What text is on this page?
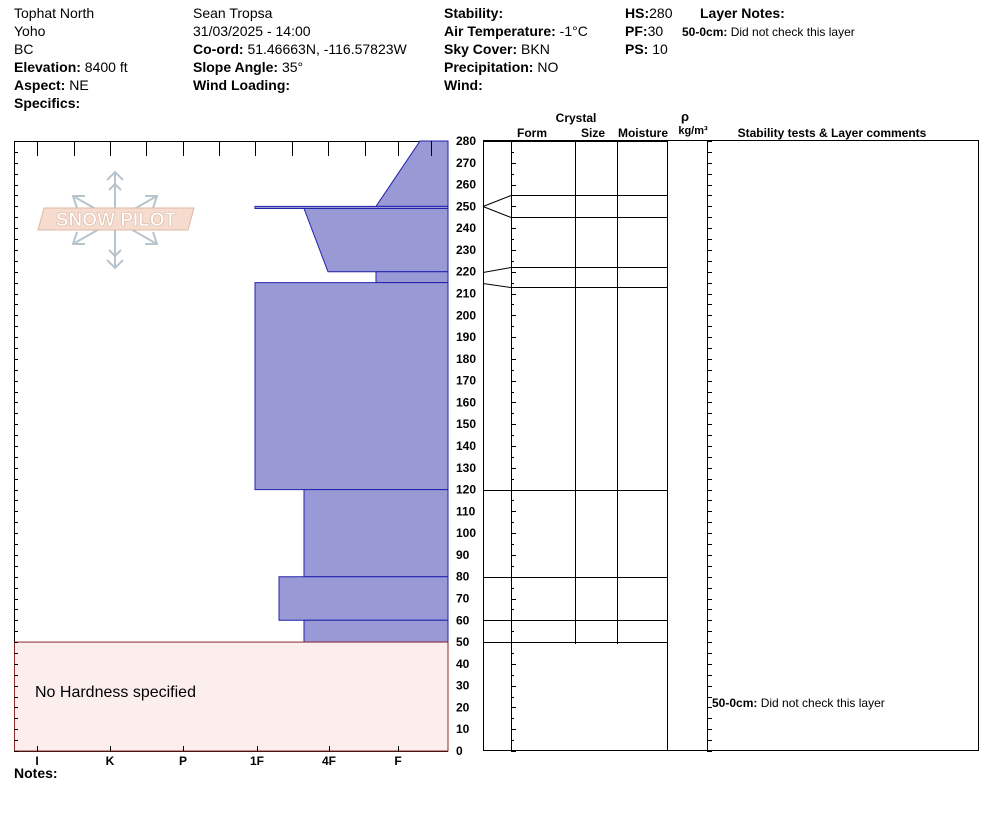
Tophat North
Yoho
BC
Elevation: 8400 ft
Aspect: NE
Specifics:
Sean Tropsa
31/03/2025 - 14:00
Co-ord: 51.46663N, -116.57823W
Slope Angle: 35°
Wind Loading:
Stability:
Air Temperature: -1°C
Sky Cover: BKN
Precipitation: NO
Wind:
HS:280
PF:30
PS: 10
Layer Notes:
50-0cm: Did not check this layer
SNOW PILOT
No Hardness specified
I	K	P	1F	4F	F
280
270
260
250
240
230
220
210
200
190
180
170
160
150
140
130
120
110
100
90
80
70
60
50
40
30
20
10
0
Crystal
Form	Size Moisture
ρ
kg/m³ Stability tests & Layer comments
50-0cm: Did not check this layer
Notes:
